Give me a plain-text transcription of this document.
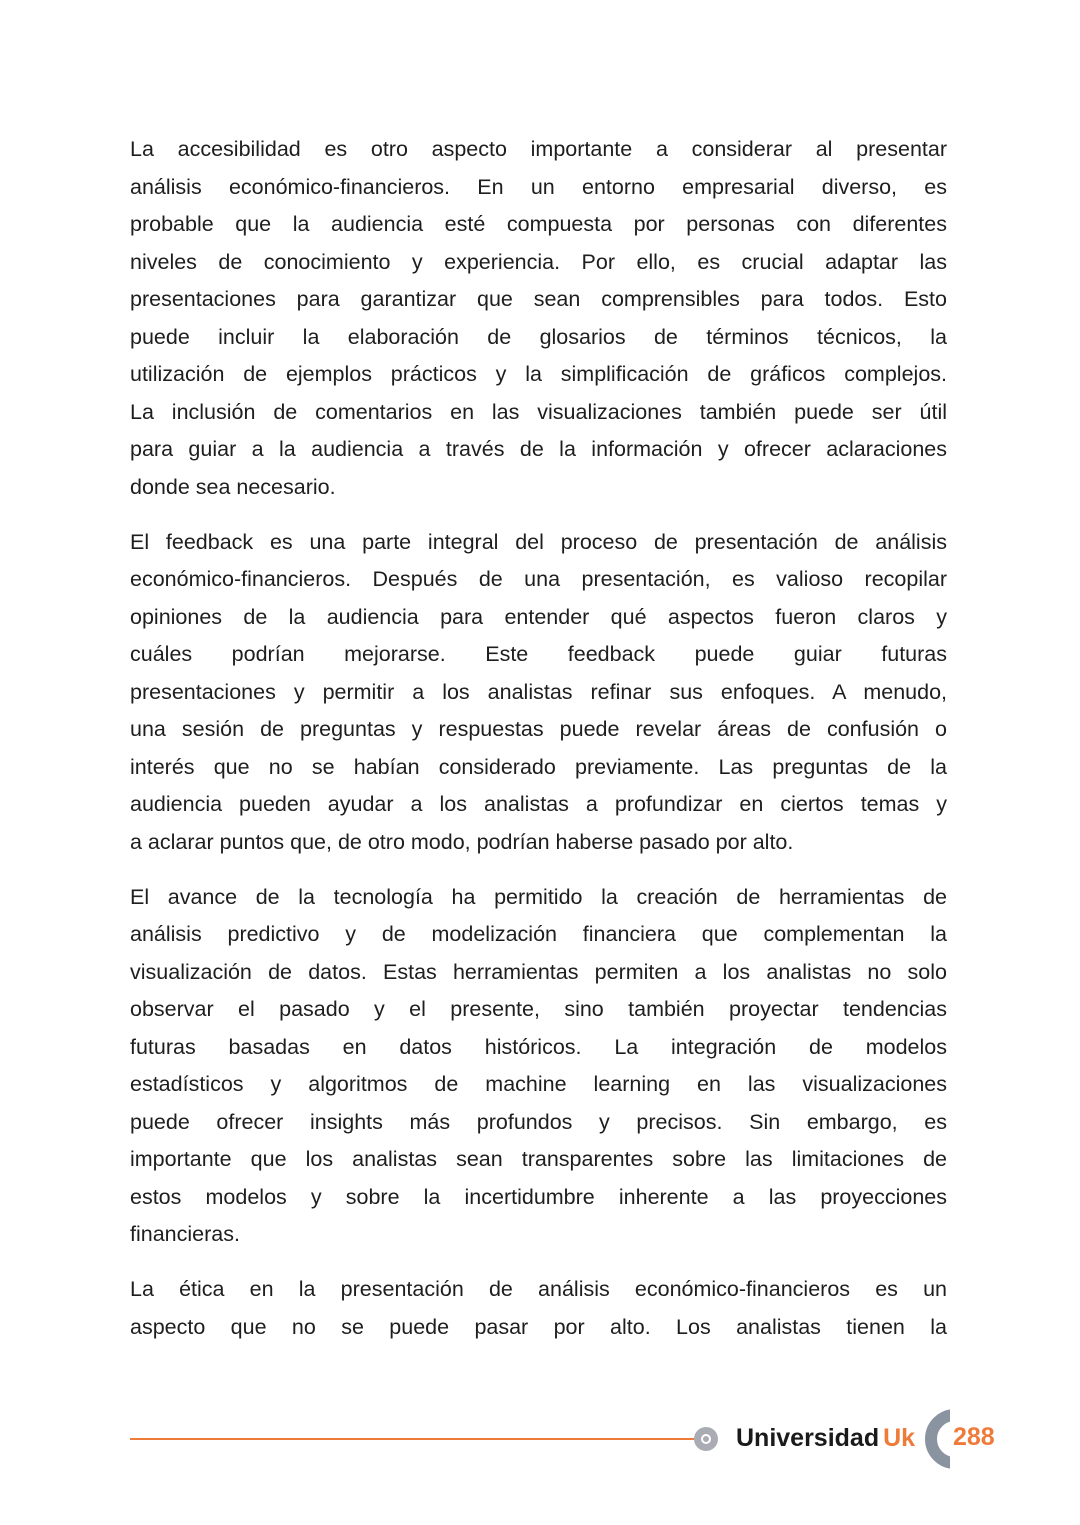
La accesibilidad es otro aspecto importante a considerar al presentar
análisis económico-financieros. En un entorno empresarial diverso, es
probable que la audiencia esté compuesta por personas con diferentes
niveles de conocimiento y experiencia. Por ello, es crucial adaptar las
presentaciones para garantizar que sean comprensibles para todos. Esto
puede incluir la elaboración de glosarios de términos técnicos, la
utilización de ejemplos prácticos y la simplificación de gráficos complejos.
La inclusión de comentarios en las visualizaciones también puede ser útil
para guiar a la audiencia a través de la información y ofrecer aclaraciones
donde sea necesario.
El feedback es una parte integral del proceso de presentación de análisis
económico-financieros. Después de una presentación, es valioso recopilar
opiniones de la audiencia para entender qué aspectos fueron claros y
cuáles podrían mejorarse. Este feedback puede guiar futuras
presentaciones y permitir a los analistas refinar sus enfoques. A menudo,
una sesión de preguntas y respuestas puede revelar áreas de confusión o
interés que no se habían considerado previamente. Las preguntas de la
audiencia pueden ayudar a los analistas a profundizar en ciertos temas y
a aclarar puntos que, de otro modo, podrían haberse pasado por alto.
El avance de la tecnología ha permitido la creación de herramientas de
análisis predictivo y de modelización financiera que complementan la
visualización de datos. Estas herramientas permiten a los analistas no solo
observar el pasado y el presente, sino también proyectar tendencias
futuras basadas en datos históricos. La integración de modelos
estadísticos y algoritmos de machine learning en las visualizaciones
puede ofrecer insights más profundos y precisos. Sin embargo, es
importante que los analistas sean transparentes sobre las limitaciones de
estos modelos y sobre la incertidumbre inherente a las proyecciones
financieras.
La ética en la presentación de análisis económico-financieros es un
aspecto que no se puede pasar por alto. Los analistas tienen la
Universidad Uk 288
